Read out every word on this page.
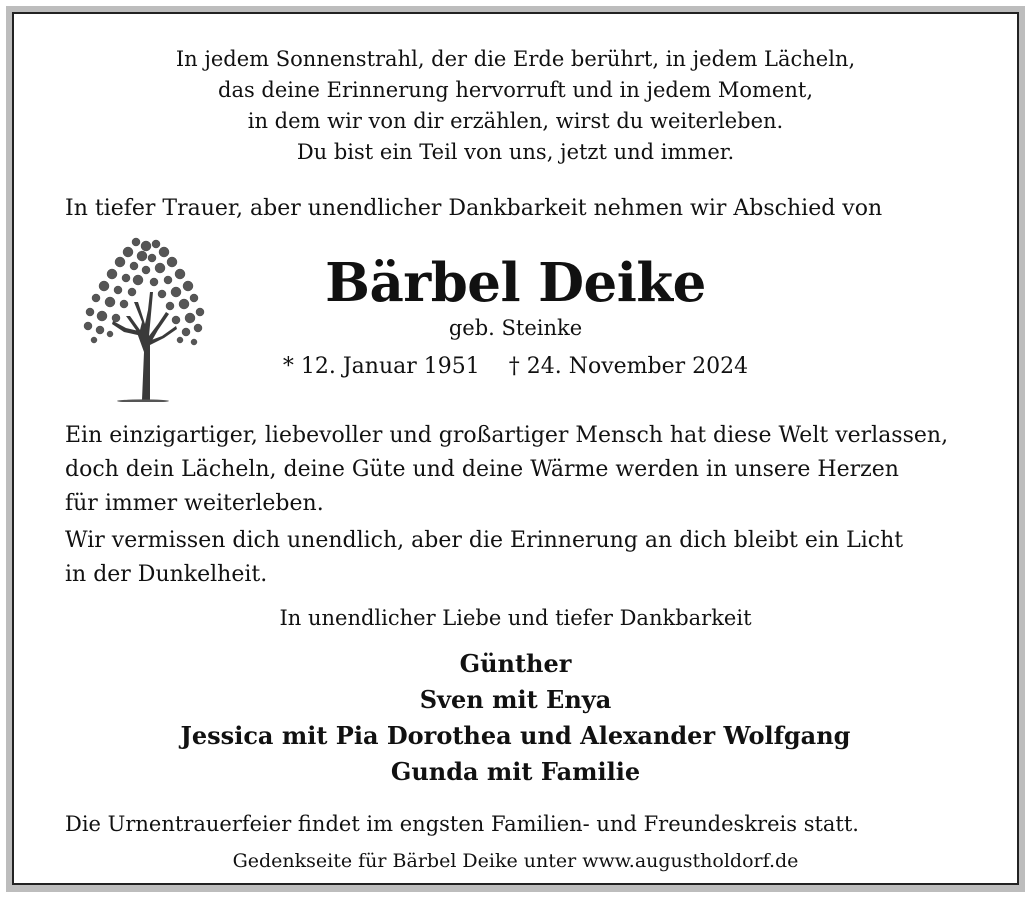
In jedem Sonnenstrahl, der die Erde berührt, in jedem Lächeln,
das deine Erinnerung hervorruft und in jedem Moment,
in dem wir von dir erzählen, wirst du weiterleben.
Du bist ein Teil von uns, jetzt und immer.
In tiefer Trauer, aber unendlicher Dankbarkeit nehmen wir Abschied von
Bärbel Deike
geb. Steinke
* 12. Januar 1951 † 24. November 2024
Ein einzigartiger, liebevoller und großartiger Mensch hat diese Welt verlassen,
doch dein Lächeln, deine Güte und deine Wärme werden in unsere Herzen
für immer weiterleben.
Wir vermissen dich unendlich, aber die Erinnerung an dich bleibt ein Licht
in der Dunkelheit.
In unendlicher Liebe und tiefer Dankbarkeit
Günther
Sven mit Enya
Jessica mit Pia Dorothea und Alexander Wolfgang
Gunda mit Familie
Die Urnentrauerfeier findet im engsten Familien- und Freundeskreis statt.
Gedenkseite für Bärbel Deike unter www.augustholdorf.de
